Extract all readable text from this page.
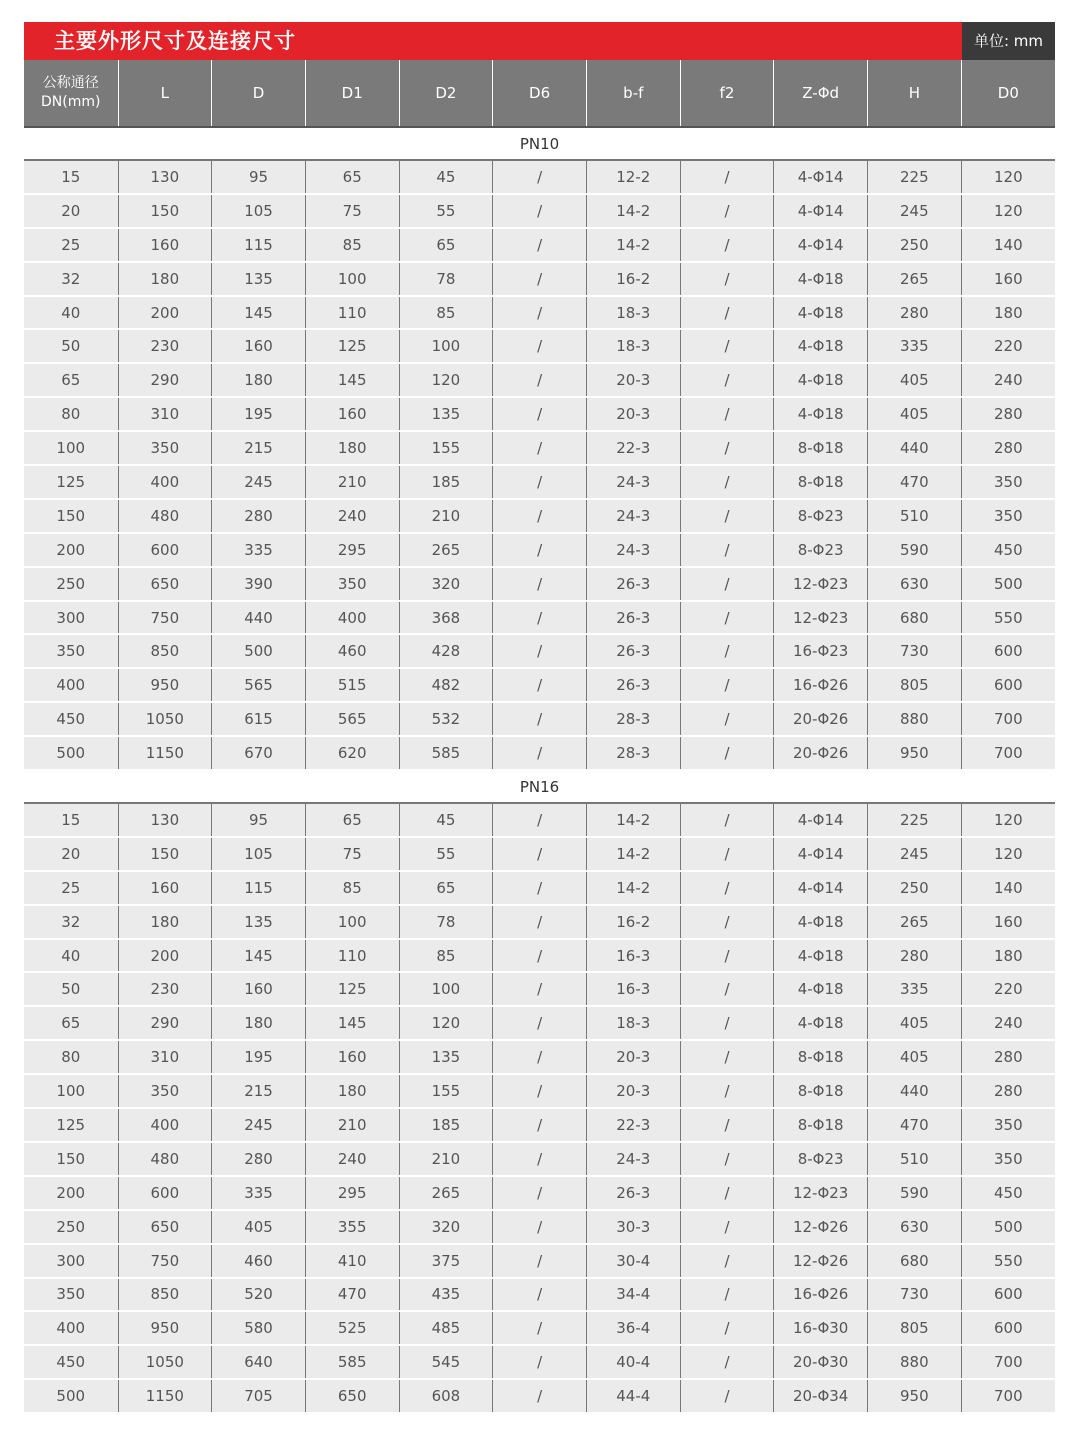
主要外形尺寸及连接尺寸	单位: mm
公称通径
DN(mm)	L	D	D1	D2	D6	b-f	f2	Z-Φd	H	D0

PN10										
15	130	95	65	45	/	12-2	/	4-Φ14	225	120
20	150	105	75	55	/	14-2	/	4-Φ14	245	120
25	160	115	85	65	/	14-2	/	4-Φ14	250	140
32	180	135	100	78	/	16-2	/	4-Φ18	265	160
40	200	145	110	85	/	18-3	/	4-Φ18	280	180
50	230	160	125	100	/	18-3	/	4-Φ18	335	220
65	290	180	145	120	/	20-3	/	4-Φ18	405	240
80	310	195	160	135	/	20-3	/	4-Φ18	405	280
100	350	215	180	155	/	22-3	/	8-Φ18	440	280
125	400	245	210	185	/	24-3	/	8-Φ18	470	350
150	480	280	240	210	/	24-3	/	8-Φ23	510	350
200	600	335	295	265	/	24-3	/	8-Φ23	590	450
250	650	390	350	320	/	26-3	/	12-Φ23	630	500
300	750	440	400	368	/	26-3	/	12-Φ23	680	550
350	850	500	460	428	/	26-3	/	16-Φ23	730	600
400	950	565	515	482	/	26-3	/	16-Φ26	805	600
450	1050	615	565	532	/	28-3	/	20-Φ26	880	700
500	1150	670	620	585	/	28-3	/	20-Φ26	950	700

PN16										
15	130	95	65	45	/	14-2	/	4-Φ14	225	120
20	150	105	75	55	/	14-2	/	4-Φ14	245	120
25	160	115	85	65	/	14-2	/	4-Φ14	250	140
32	180	135	100	78	/	16-2	/	4-Φ18	265	160
40	200	145	110	85	/	16-3	/	4-Φ18	280	180
50	230	160	125	100	/	16-3	/	4-Φ18	335	220
65	290	180	145	120	/	18-3	/	4-Φ18	405	240
80	310	195	160	135	/	20-3	/	8-Φ18	405	280
100	350	215	180	155	/	20-3	/	8-Φ18	440	280
125	400	245	210	185	/	22-3	/	8-Φ18	470	350
150	480	280	240	210	/	24-3	/	8-Φ23	510	350
200	600	335	295	265	/	26-3	/	12-Φ23	590	450
250	650	405	355	320	/	30-3	/	12-Φ26	630	500
300	750	460	410	375	/	30-4	/	12-Φ26	680	550
350	850	520	470	435	/	34-4	/	16-Φ26	730	600
400	950	580	525	485	/	36-4	/	16-Φ30	805	600
450	1050	640	585	545	/	40-4	/	20-Φ30	880	700
500	1150	705	650	608	/	44-4	/	20-Φ34	950	700
